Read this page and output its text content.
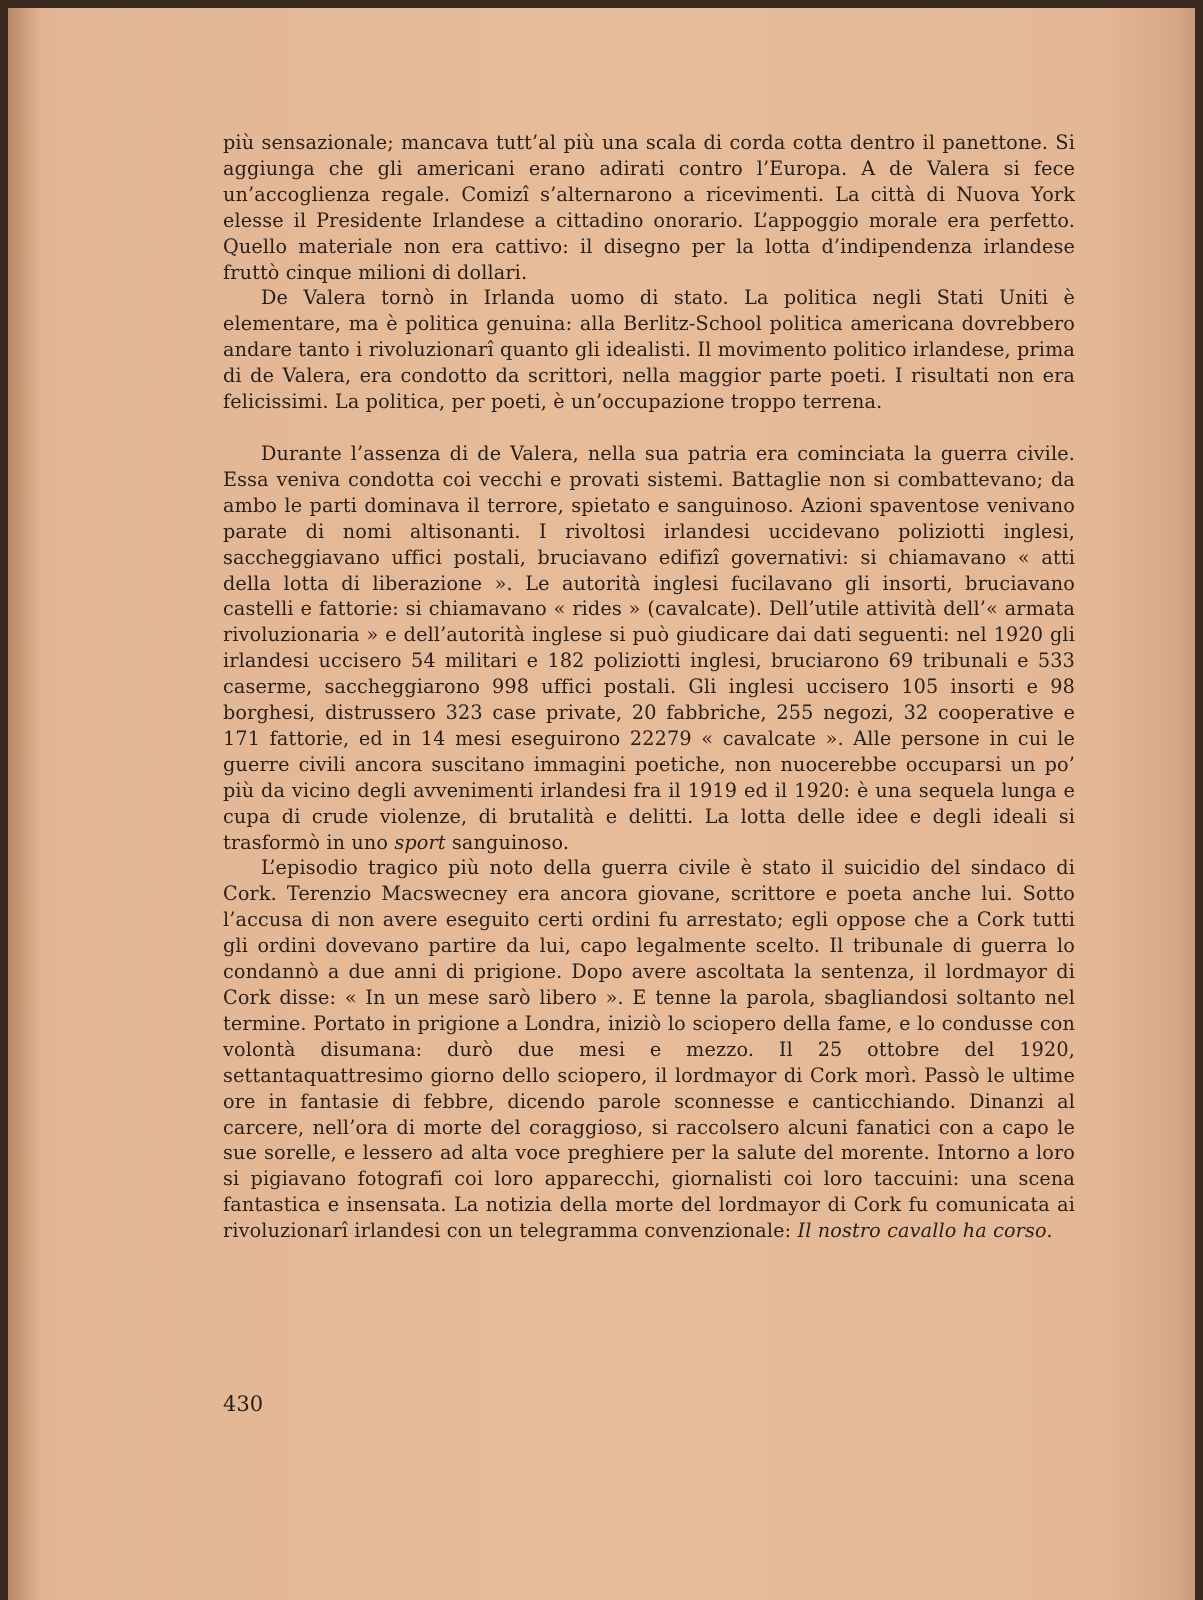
più sensazionale; mancava tutt’al più una scala di corda cotta dentro il panettone. Si aggiunga che gli americani erano adirati contro l’Europa. A de Valera si fece un’accoglienza regale. Comizî s’alternarono a ricevimenti. La città di Nuova York elesse il Presidente Irlandese a cittadino onorario. L’appoggio morale era perfetto. Quello materiale non era cattivo: il disegno per la lotta d’indipendenza irlandese fruttò cinque milioni di dollari.

De Valera tornò in Irlanda uomo di stato. La politica negli Stati Uniti è elementare, ma è politica genuina: alla Berlitz-School politica americana dovrebbero andare tanto i rivoluzionarî quanto gli idealisti. Il movimento politico irlandese, prima di de Valera, era condotto da scrittori, nella maggior parte poeti. I risultati non era felicissimi. La politica, per poeti, è un’occupazione troppo terrena.

Durante l’assenza di de Valera, nella sua patria era cominciata la guerra civile. Essa veniva condotta coi vecchi e provati sistemi. Battaglie non si combattevano; da ambo le parti dominava il terrore, spietato e sanguinoso. Azioni spaventose venivano parate di nomi altisonanti. I rivoltosi irlandesi uccidevano poliziotti inglesi, saccheggiavano uffici postali, bruciavano edifizî governativi: si chiamavano « atti della lotta di liberazione ». Le autorità inglesi fucilavano gli insorti, bruciavano castelli e fattorie: si chiamavano « rides » (cavalcate). Dell’utile attività dell’« armata rivoluzionaria » e dell’autorità inglese si può giudicare dai dati seguenti: nel 1920 gli irlandesi uccisero 54 militari e 182 poliziotti inglesi, bruciarono 69 tribunali e 533 caserme, saccheggiarono 998 uffici postali. Gli inglesi uccisero 105 insorti e 98 borghesi, distrussero 323 case private, 20 fabbriche, 255 negozi, 32 cooperative e 171 fattorie, ed in 14 mesi eseguirono 22279 « cavalcate ». Alle persone in cui le guerre civili ancora suscitano immagini poetiche, non nuocerebbe occuparsi un po’ più da vicino degli avvenimenti irlandesi fra il 1919 ed il 1920: è una sequela lunga e cupa di crude violenze, di brutalità e delitti. La lotta delle idee e degli ideali si trasformò in uno sport sanguinoso.

L’episodio tragico più noto della guerra civile è stato il suicidio del sindaco di Cork. Terenzio Macswecney era ancora giovane, scrittore e poeta anche lui. Sotto l’accusa di non avere eseguito certi ordini fu arrestato; egli oppose che a Cork tutti gli ordini dovevano partire da lui, capo legalmente scelto. Il tribunale di guerra lo condannò a due anni di prigione. Dopo avere ascoltata la sentenza, il lordmayor di Cork disse: « In un mese sarò libero ». E tenne la parola, sbagliandosi soltanto nel termine. Portato in prigione a Londra, iniziò lo sciopero della fame, e lo condusse con volontà disumana: durò due mesi e mezzo. Il 25 ottobre del 1920, settantaquattresimo giorno dello sciopero, il lordmayor di Cork morì. Passò le ultime ore in fantasie di febbre, dicendo parole sconnesse e canticchiando. Dinanzi al carcere, nell’ora di morte del coraggioso, si raccolsero alcuni fanatici con a capo le sue sorelle, e lessero ad alta voce preghiere per la salute del morente. Intorno a loro si pigiavano fotografi coi loro apparecchi, giornalisti coi loro taccuini: una scena fantastica e insensata. La notizia della morte del lordmayor di Cork fu comunicata ai rivoluzionarî irlandesi con un telegramma convenzionale: Il nostro cavallo ha corso.

430
